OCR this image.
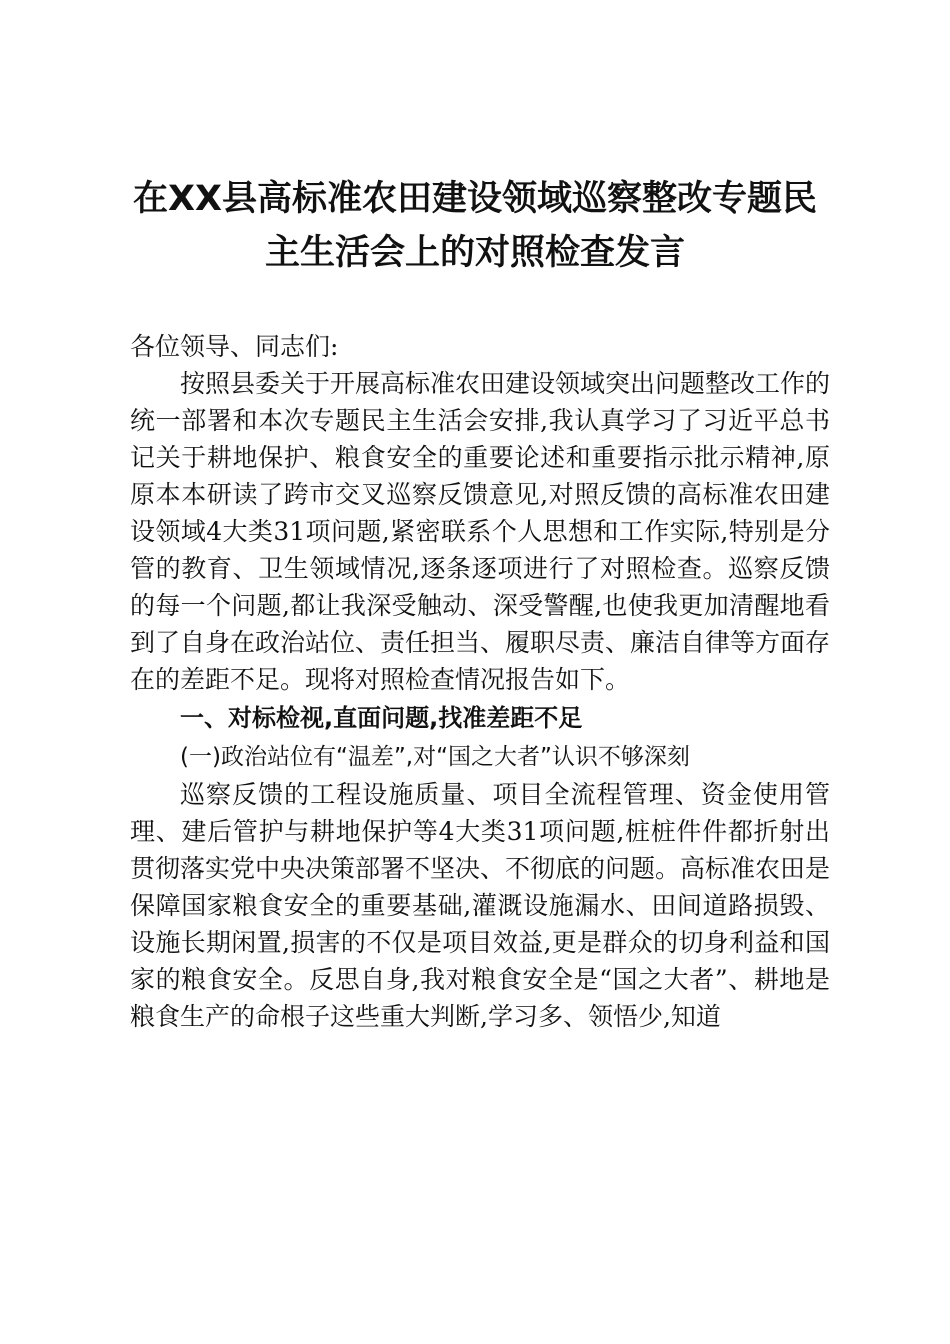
在XX县高标准农田建设领域巡察整改专题民
主生活会上的对照检查发言

各位领导、同志们:

按照县委关于开展高标准农田建设领域突出问题整改工作的统一部署和本次专题民主生活会安排,我认真学习了习近平总书记关于耕地保护、粮食安全的重要论述和重要指示批示精神,原原本本研读了跨市交叉巡察反馈意见,对照反馈的高标准农田建设领域4大类31项问题,紧密联系个人思想和工作实际,特别是分管的教育、卫生领域情况,逐条逐项进行了对照检查。巡察反馈的每一个问题,都让我深受触动、深受警醒,也使我更加清醒地看到了自身在政治站位、责任担当、履职尽责、廉洁自律等方面存在的差距不足。现将对照检查情况报告如下。

一、对标检视,直面问题,找准差距不足

(一)政治站位有“温差”,对“国之大者”认识不够深刻

巡察反馈的工程设施质量、项目全流程管理、资金使用管理、建后管护与耕地保护等4大类31项问题,桩桩件件都折射出贯彻落实党中央决策部署不坚决、不彻底的问题。高标准农田是保障国家粮食安全的重要基础,灌溉设施漏水、田间道路损毁、设施长期闲置,损害的不仅是项目效益,更是群众的切身利益和国家的粮食安全。反思自身,我对粮食安全是“国之大者”、耕地是粮食生产的命根子这些重大判断,学习多、领悟少,知道
